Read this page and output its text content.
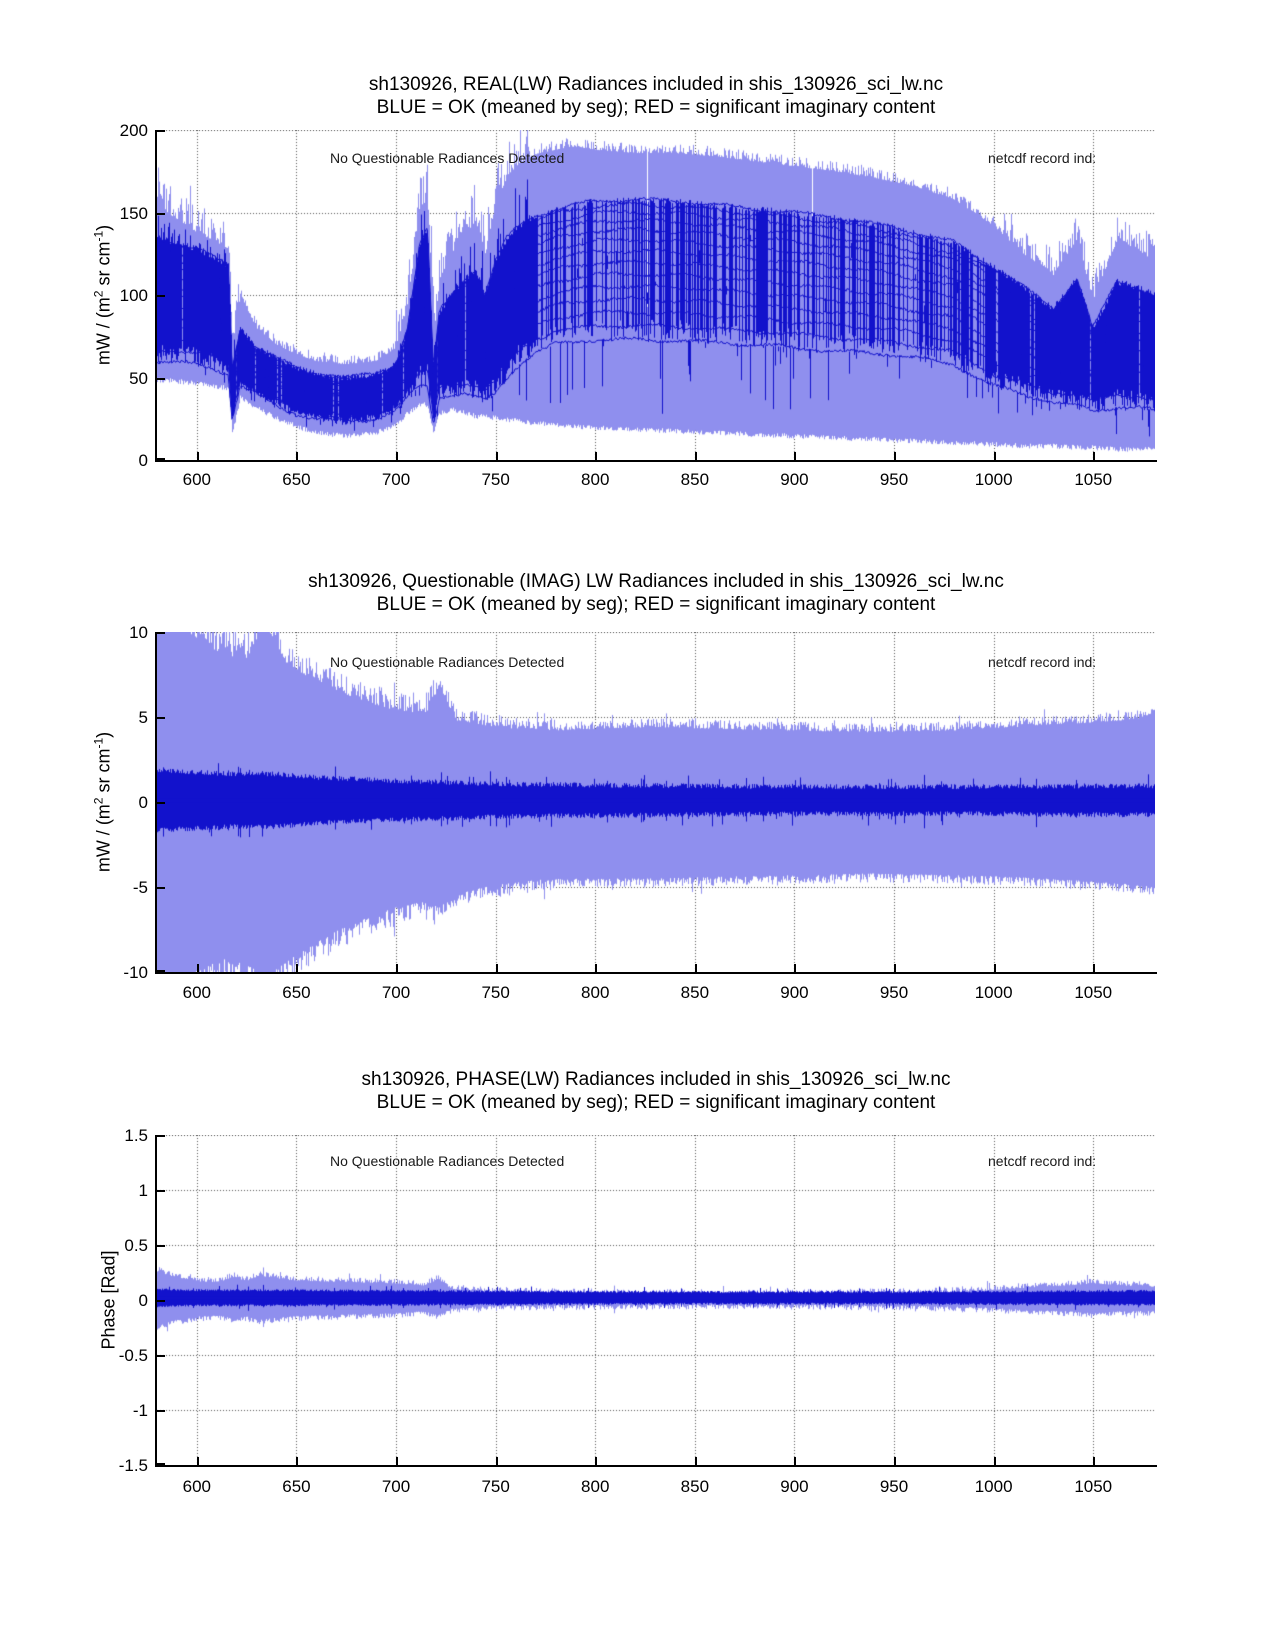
sh130926, REAL(LW) Radiances included in shis_130926_sci_lw.nc
BLUE = OK (meaned by seg); RED = significant imaginary content
mW / ($m^2$ sr $cm^{-1}$)
No Questionable Radiances Detected	netcdf record ind:
sh130926, Questionable (IMAG) LW Radiances included in shis_130926_sci_lw.nc
BLUE = OK (meaned by seg); RED = significant imaginary content
mW / ($m^2$ sr $cm^{-1}$)
No Questionable Radiances Detected	netcdf record ind:
sh130926, PHASE(LW) Radiances included in shis_130926_sci_lw.nc
BLUE = OK (meaned by seg); RED = significant imaginary content
Phase [Rad]
No Questionable Radiances Detected	netcdf record ind:
600	650	700	750	800	850	900	950	1000	1050
0
50
100
150
200
600	650	700	750	800	850	900	950	1000	1050
-10
-5
0
5
10
600	650	700	750	800	850	900	950	1000	1050
-1.5
-1
-0.5
0
0.5
1
1.5
